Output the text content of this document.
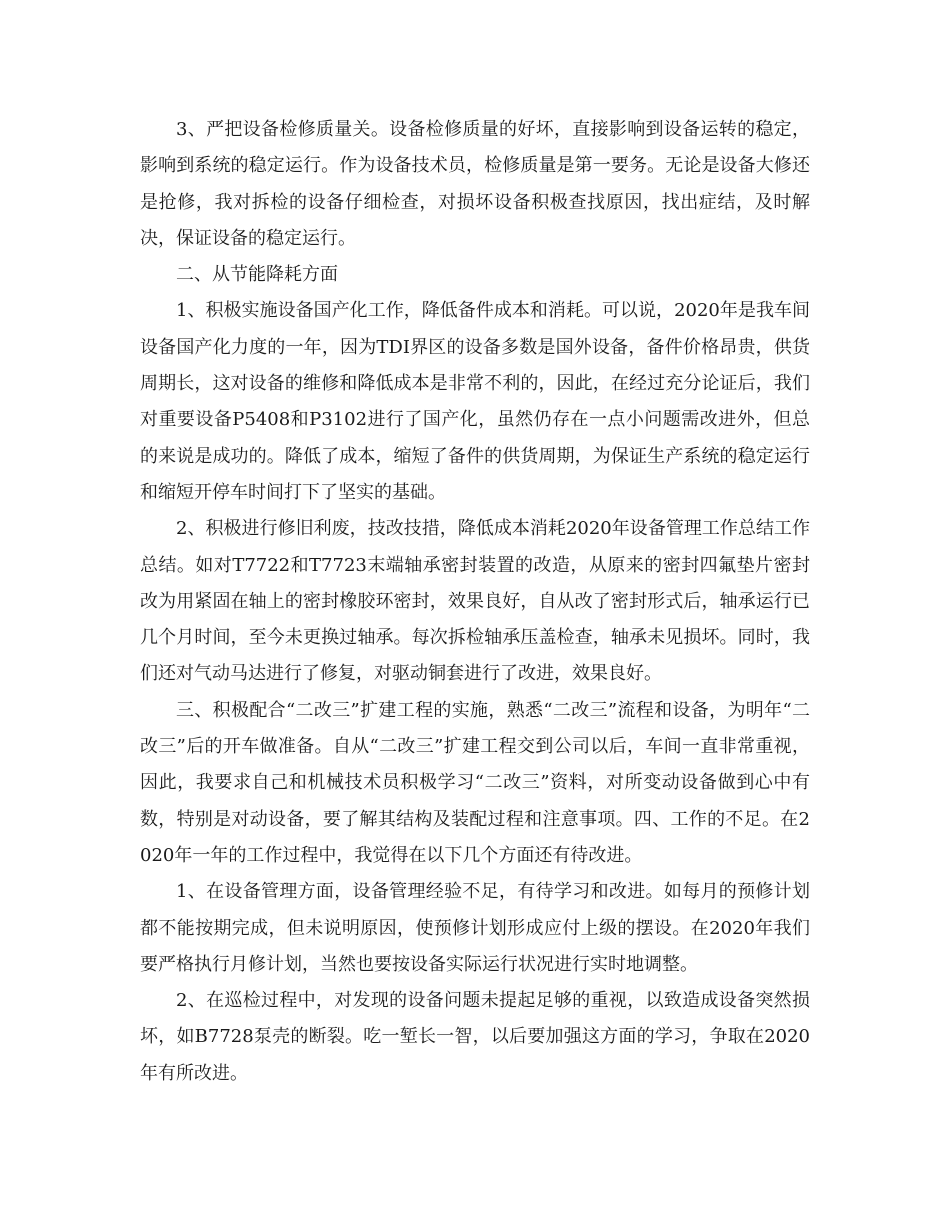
3、严把设备检修质量关。设备检修质量的好坏，直接影响到设备运转的稳定，影响到系统的稳定运行。作为设备技术员，检修质量是第一要务。无论是设备大修还是抢修，我对拆检的设备仔细检查，对损坏设备积极查找原因，找出症结，及时解决，保证设备的稳定运行。

二、从节能降耗方面

1、积极实施设备国产化工作，降低备件成本和消耗。可以说，2020年是我车间设备国产化力度的一年，因为TDI界区的设备多数是国外设备，备件价格昂贵，供货周期长，这对设备的维修和降低成本是非常不利的，因此，在经过充分论证后，我们对重要设备P5408和P3102进行了国产化，虽然仍存在一点小问题需改进外，但总的来说是成功的。降低了成本，缩短了备件的供货周期，为保证生产系统的稳定运行和缩短开停车时间打下了坚实的基础。

2、积极进行修旧利废，技改技措，降低成本消耗2020年设备管理工作总结工作总结。如对T7722和T7723末端轴承密封装置的改造，从原来的密封四氟垫片密封改为用紧固在轴上的密封橡胶环密封，效果良好，自从改了密封形式后，轴承运行已几个月时间，至今未更换过轴承。每次拆检轴承压盖检查，轴承未见损坏。同时，我们还对气动马达进行了修复，对驱动铜套进行了改进，效果良好。

三、积极配合“二改三”扩建工程的实施，熟悉“二改三”流程和设备，为明年“二改三”后的开车做准备。自从“二改三”扩建工程交到公司以后，车间一直非常重视，因此，我要求自己和机械技术员积极学习“二改三”资料，对所变动设备做到心中有数，特别是对动设备，要了解其结构及装配过程和注意事项。四、工作的不足。在2020年一年的工作过程中，我觉得在以下几个方面还有待改进。

1、在设备管理方面，设备管理经验不足，有待学习和改进。如每月的预修计划都不能按期完成，但未说明原因，使预修计划形成应付上级的摆设。在2020年我们要严格执行月修计划，当然也要按设备实际运行状况进行实时地调整。

2、在巡检过程中，对发现的设备问题未提起足够的重视，以致造成设备突然损坏，如B7728泵壳的断裂。吃一堑长一智，以后要加强这方面的学习，争取在2020年有所改进。
